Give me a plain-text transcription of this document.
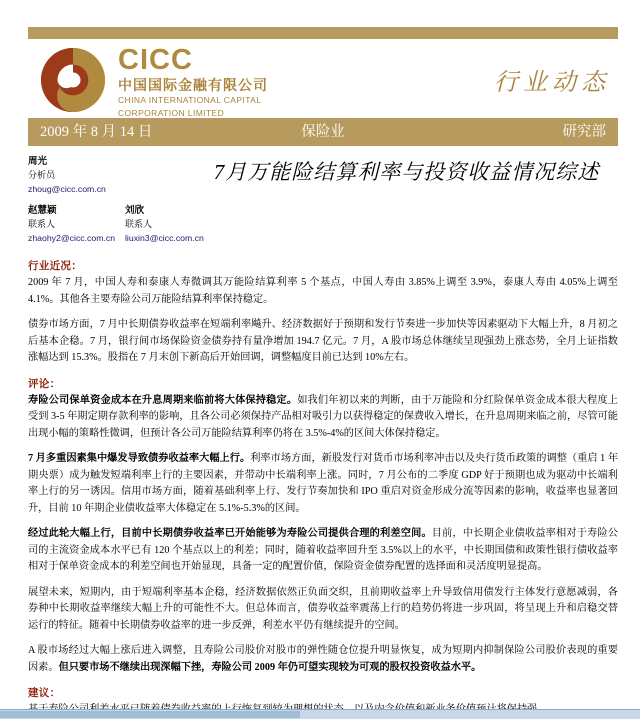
CICC
中国国际金融有限公司
CHINA INTERNATIONAL CAPITAL
CORPORATION LIMITED
行业动态
2009 年 8 月 14 日	保险业	研究部
周光
分析员
zhoug@cicc.com.cn
赵慧颖
联系人
zhaohy2@cicc.com.cn
刘欣
联系人
liuxin3@cicc.com.cn
7月万能险结算利率与投资收益情况综述
行业近况：

2009 年 7 月，中国人寿和泰康人寿微调其万能险结算利率 5 个基点，中国人寿由 3.85%上调至 3.9%，泰康人寿由 4.05%上调至 4.1%。其他各主要寿险公司万能险结算利率保持稳定。

债券市场方面，7 月中长期债券收益率在短端利率飚升、经济数据好于预期和发行节奏进一步加快等因素驱动下大幅上升，8 月初之后基本企稳。7 月，银行间市场保险资金债券持有量净增加 194.7 亿元。7 月，A 股市场总体继续呈现强劲上涨态势，全月上证指数涨幅达到 15.3%。股指在 7 月末创下新高后开始回调，调整幅度目前已达到 10%左右。

评论：

寿险公司保单资金成本在升息周期来临前将大体保持稳定。如我们年初以来的判断，由于万能险和分红险保单资金成本很大程度上受到 3-5 年期定期存款利率的影响，且各公司必须保持产品相对吸引力以获得稳定的保费收入增长，在升息周期来临之前，尽管可能出现小幅的策略性微调，但预计各公司万能险结算利率仍将在 3.5%-4%的区间大体保持稳定。

7 月多重因素集中爆发导致债券收益率大幅上行。利率市场方面，新股发行对货币市场利率冲击以及央行货币政策的调整（重启 1 年期央票）成为触发短端利率上行的主要因素，并带动中长端利率上涨。同时，7 月公布的二季度 GDP 好于预期也成为驱动中长端利率上行的另一诱因。信用市场方面，随着基础利率上行、发行节奏加快和 IPO 重启对资金形成分流等因素的影响，收益率也显著回升，目前 10 年期企业债收益率大体稳定在 5.1%-5.3%的区间。

经过此轮大幅上行，目前中长期债券收益率已开始能够为寿险公司提供合理的利差空间。目前，中长期企业债收益率相对于寿险公司的主流资金成本水平已有 120 个基点以上的利差；同时，随着收益率回升至 3.5%以上的水平，中长期国债和政策性银行债收益率相对于保单资金成本的利差空间也开始显现，具备一定的配置价值，保险资金债券配置的选择面和灵活度明显提高。

展望未来，短期内，由于短端利率基本企稳，经济数据依然正负面交织，且前期收益率上升导致信用债发行主体发行意愿减弱，各券种中长期收益率继续大幅上升的可能性不大。但总体而言，债券收益率震荡上行的趋势仍将进一步巩固，将呈现上升和启稳交替运行的特征。随着中长期债券收益率的进一步反弹，利差水平仍有继续提升的空间。

A 股市场经过大幅上涨后进入调整，且寿险公司股价对股市的弹性随仓位提升明显恢复，成为短期内抑制保险公司股价表现的重要因素。但只要市场不继续出现深幅下挫，寿险公司 2009 年仍可望实现较为可观的股权投资收益水平。

建议：
